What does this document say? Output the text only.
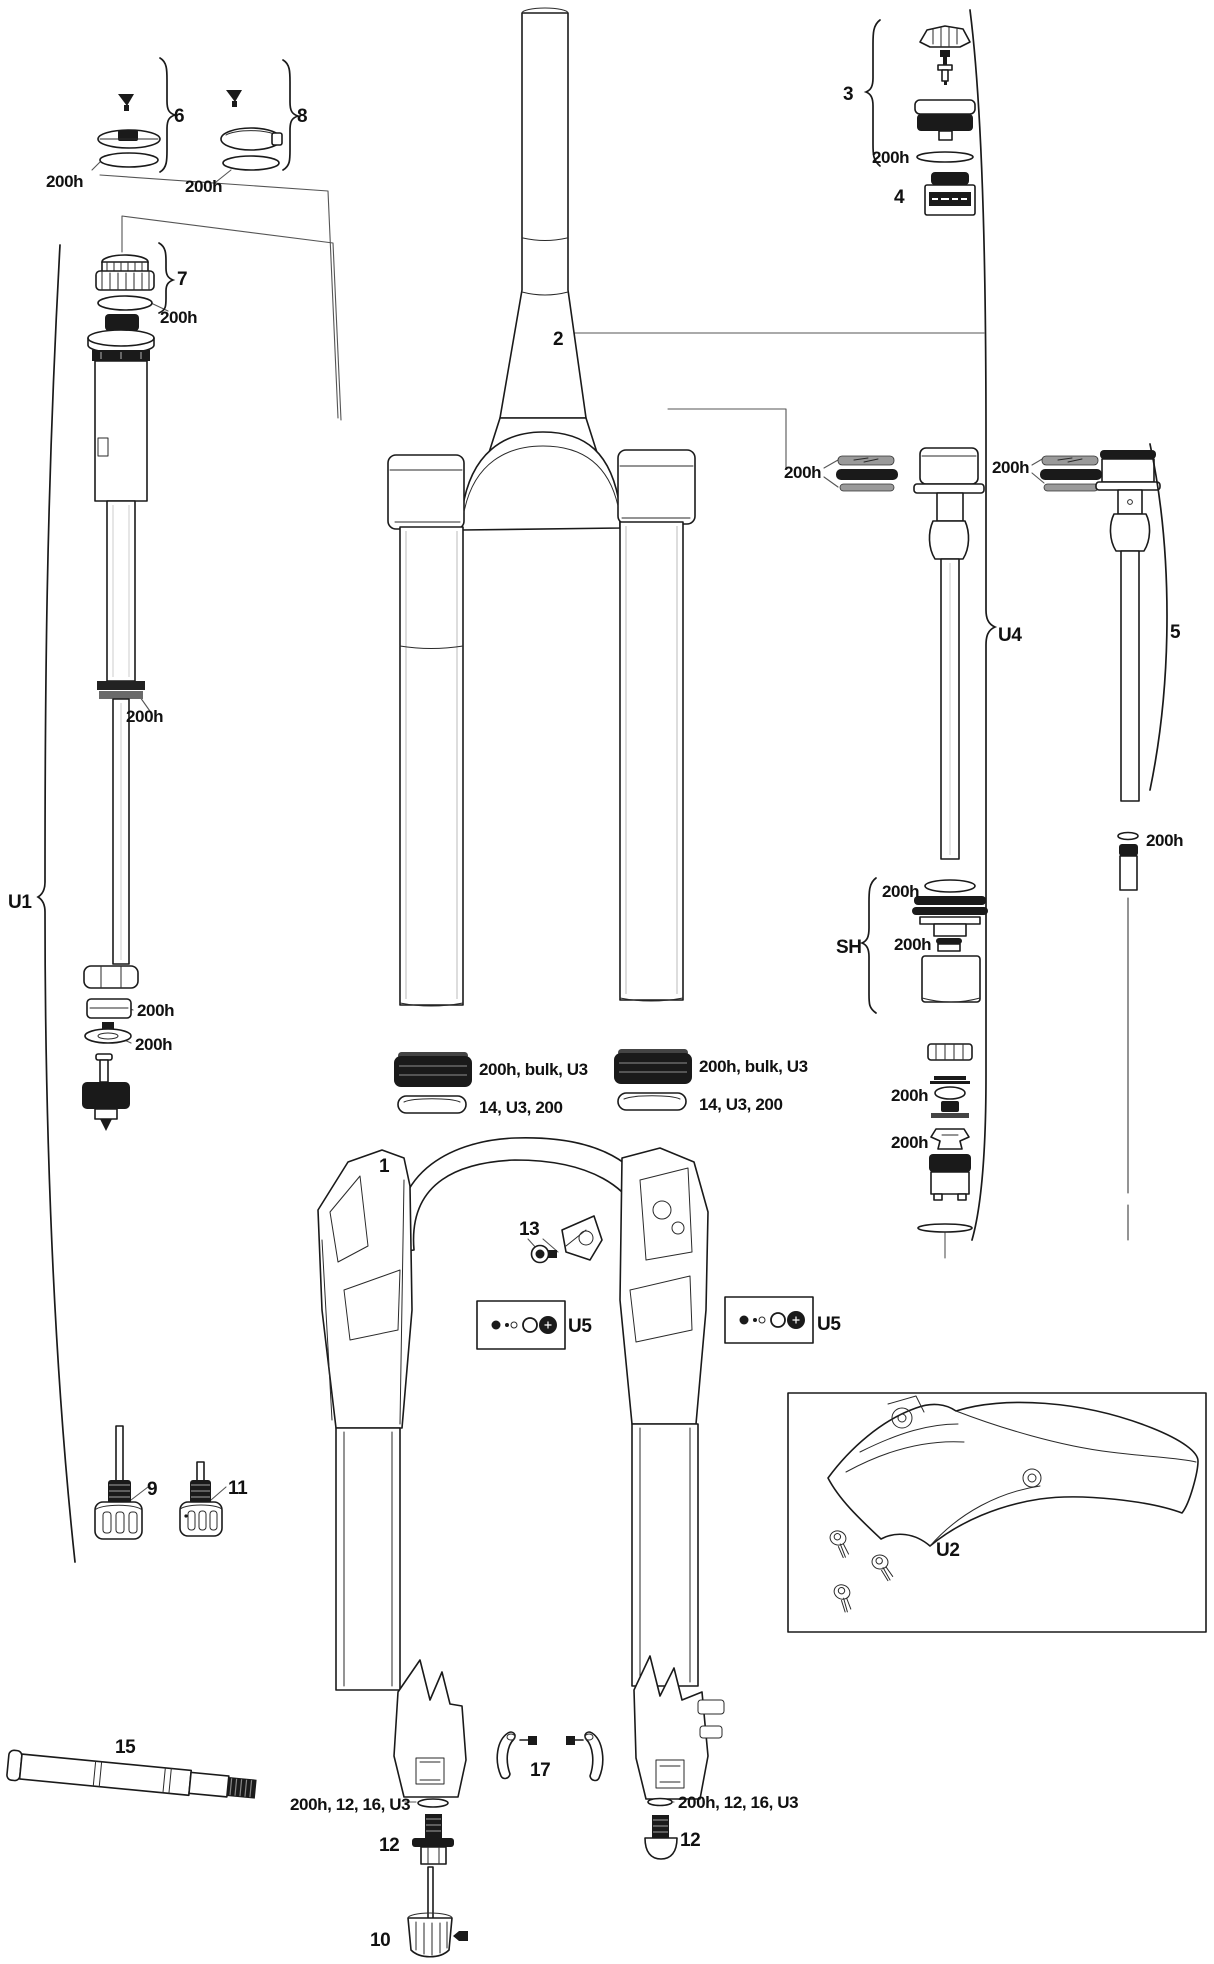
6	8
7
200h	200h
200h
2
3
200h
4
200h	200h
U4	5
200h
200h
U1
200h
200h
SH
200h
200h
200h
200h
200h, bulk, U3
14, U3, 200
200h, bulk, U3
14, U3, 200
1
13
U5	U5
9	11
U2
15
17
200h, 12, 16, U3	200h, 12, 16, U3
12	12
10
